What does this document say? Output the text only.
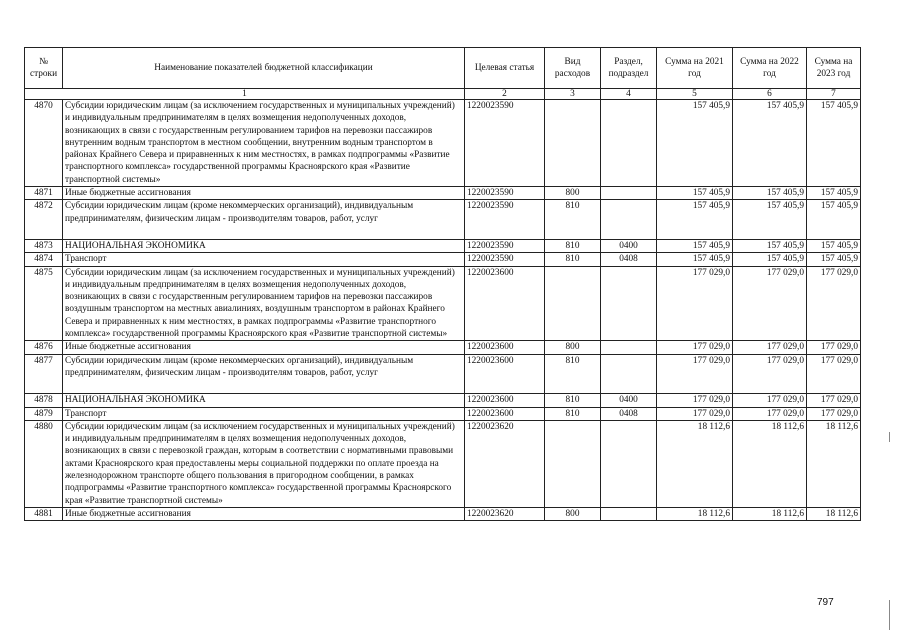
№ строки	Наименование показателей бюджетной классификации	Целевая статья	Вид расходов	Раздел, подраздел	Сумма на 2021 год	Сумма на 2022 год	Сумма на 2023 год
1		2	3	4	5	6	7
4870	Субсидии юридическим лицам (за исключением государственных и муниципальных учреждений) и индивидуальным предпринимателям в целях возмещения недополученных доходов, возникающих в связи с государственным регулированием тарифов на перевозки пассажиров внутренним водным транспортом в местном сообщении, внутренним водным транспортом в районах Крайнего Севера и приравненных к ним местностях, в рамках подпрограммы «Развитие транспортного комплекса» государственной программы Красноярского края «Развитие транспортной системы»	1220023590			157 405,9	157 405,9	157 405,9
4871	Иные бюджетные ассигнования	1220023590	800		157 405,9	157 405,9	157 405,9
4872	Субсидии юридическим лицам (кроме некоммерческих организаций), индивидуальным предпринимателям, физическим лицам - производителям товаров, работ, услуг	1220023590	810		157 405,9	157 405,9	157 405,9

4873	НАЦИОНАЛЬНАЯ ЭКОНОМИКА	1220023590	810	0400	157 405,9	157 405,9	157 405,9
4874	Транспорт	1220023590	810	0408	157 405,9	157 405,9	157 405,9
4875	Субсидии юридическим лицам (за исключением государственных и муниципальных учреждений) и индивидуальным предпринимателям в целях возмещения недополученных доходов, возникающих в связи с государственным регулированием тарифов на перевозки пассажиров воздушным транспортом на местных авиалиниях, воздушным транспортом в районах Крайнего Севера и приравненных к ним местностях, в рамках подпрограммы «Развитие транспортного комплекса» государственной программы Красноярского края «Развитие транспортной системы»	1220023600			177 029,0	177 029,0	177 029,0
4876	Иные бюджетные ассигнования	1220023600	800		177 029,0	177 029,0	177 029,0
4877	Субсидии юридическим лицам (кроме некоммерческих организаций), индивидуальным предпринимателям, физическим лицам - производителям товаров, работ, услуг	1220023600	810		177 029,0	177 029,0	177 029,0

4878	НАЦИОНАЛЬНАЯ ЭКОНОМИКА	1220023600	810	0400	177 029,0	177 029,0	177 029,0
4879	Транспорт	1220023600	810	0408	177 029,0	177 029,0	177 029,0
4880	Субсидии юридическим лицам (за исключением государственных и муниципальных учреждений) и индивидуальным предпринимателям в целях возмещения недополученных доходов, возникающих в связи с перевозкой граждан, которым в соответствии с нормативными правовыми актами Красноярского края предоставлены меры социальной поддержки по оплате проезда на железнодорожном транспорте общего пользования в пригородном сообщении, в рамках подпрограммы «Развитие транспортного комплекса» государственной программы Красноярского края «Развитие транспортной системы»	1220023620			18 112,6	18 112,6	18 112,6
4881	Иные бюджетные ассигнования	1220023620	800		18 112,6	18 112,6	18 112,6
797
